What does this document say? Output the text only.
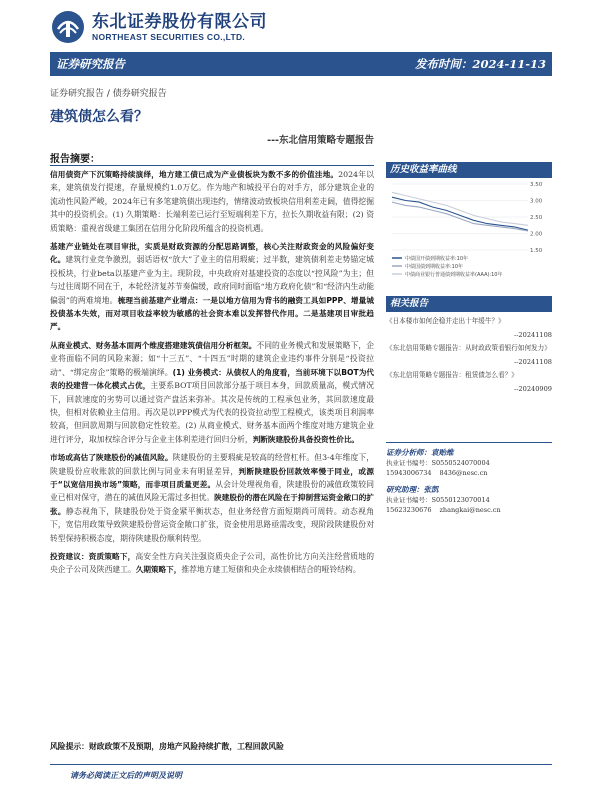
东北证券股份有限公司
NORTHEAST SECURITIES CO.,LTD.
证券研究报告	发布时间：2024-11-13
证券研究报告 / 债券研究报告
建筑债怎么看？
---东北信用策略专题报告
报告摘要：

信用债资产下沉策略持续演绎，地方建工债已成为产业债板块为数不多的价值洼地。2024年以来，建筑债发行提速，存量规模约1.0万亿。作为地产和城投平台的对手方，部分建筑企业的流动性风险严峻，2024年已有多笔建筑债出现违约，情绪波动致板块信用利差走阔，值得挖掘其中的投资机会。(1) 久期策略：长端利差已运行至短端利差下方，拉长久期收益有限；(2) 资质策略：重视省级建工集团在信用分化阶段所蕴含的投资机遇。

基建产业链处在项目审批，实质是财政资源的分配思路调整，核心关注财政资金的风险偏好变化。建筑行业竞争激烈，弱话语权“放大”了业主的信用瑕疵；过半数，建筑债利差走势锚定城投板块，行业beta以基建产业为主。现阶段，中央政府对基建投资的态度以“控风险”为主；但与过往周期不同在于，本轮经济复苏节奏偏缓，政府同时面临“地方政府化债”和“经济内生动能偏弱”的两难境地。梳理当前基建产业增点：一是以地方信用为背书的融资工具如PPP、增量城投债基本失效，而对项目收益率较为敏感的社会资本难以发挥替代作用。二是基建项目审批趋严。

从商业模式、财务基本面两个维度搭建建筑债信用分析框架。不同的业务模式和发展策略下，企业将面临不同的风险来源；如“十三五”、“十四五”时期的建筑企业违约事件分别是“投资拉动”、“绑定房企”策略的极端演绎。(1) 业务模式：从债权人的角度看，当前环境下以BOT为代表的投建营一体化模式占优，主要系BOT项目回款部分基于项目本身，回款质量高，模式情况下，回款速度的劣势可以通过资产盘活来弥补。其次是传统的工程承包业务，其回款速度最快，但相对依赖业主信用。再次是以PPP模式为代表的投资拉动型工程模式，该类项目利润率较高，但回款周期与回款稳定性较差。(2) 从商业模式、财务基本面两个维度对地方建筑企业进行评分，取加权综合评分与企业主体利差进行回归分析，判断陕建股份具备投资性价比。

市场或高估了陕建股份的减值风险。陕建股份的主要瑕疵是较高的经营杠杆。但3-4年维度下，陕建股份应收账款的回款比例与同业未有明显差异，判断陕建股份回款效率慢于同业，或源于“以宽信用换市场”策略，而非项目质量更差。从会计处理视角看，陕建股份的减值政策较同业已相对保守，潜在的减值风险无需过多担忧。陕建股份的潜在风险在于抑制营运资金敞口的扩张。静态视角下，陕建股份处于资金紧平衡状态，但业务经营方面短期尚可周转。动态视角下，宽信用政策导致陕建股份营运资金敞口扩张，资金使用思路亟需改变，现阶段陕建股份对转型保持积极态度，期待陕建股份顺利转型。

投资建议：资质策略下，高安全性方向关注强资质央企子公司，高性价比方向关注经营质地的央企子公司及陕西建工。久期策略下，推荐地方建工短债和央企永续债相结合的哑铃结构。

风险提示：财政政策不及预期，房地产风险持续扩散，工程回款风险
历史收益率曲线
3.50
3.00
2.50
2.00
1.50
中债国开债到期收益率:10年
中债国债到期收益率:10年
中债商业银行普通债到期收益率(AAA):10年
相关报告
《日本楼市如何企稳并走出十年缓牛？》
--20241108
《东北信用策略专题报告：从时政政策看银行如何发力》
--20241108
《东北信用策略专题报告：租赁债怎么看？》
--20240909
证券分析师：袁贻维
执业证书编号：S0550524070004
15943006734 8436@nesc.cn
研究助理：张凯
执业证书编号：S0550123070014
15623230676 zhangkai@nesc.cn
请务必阅读正文后的声明及说明
